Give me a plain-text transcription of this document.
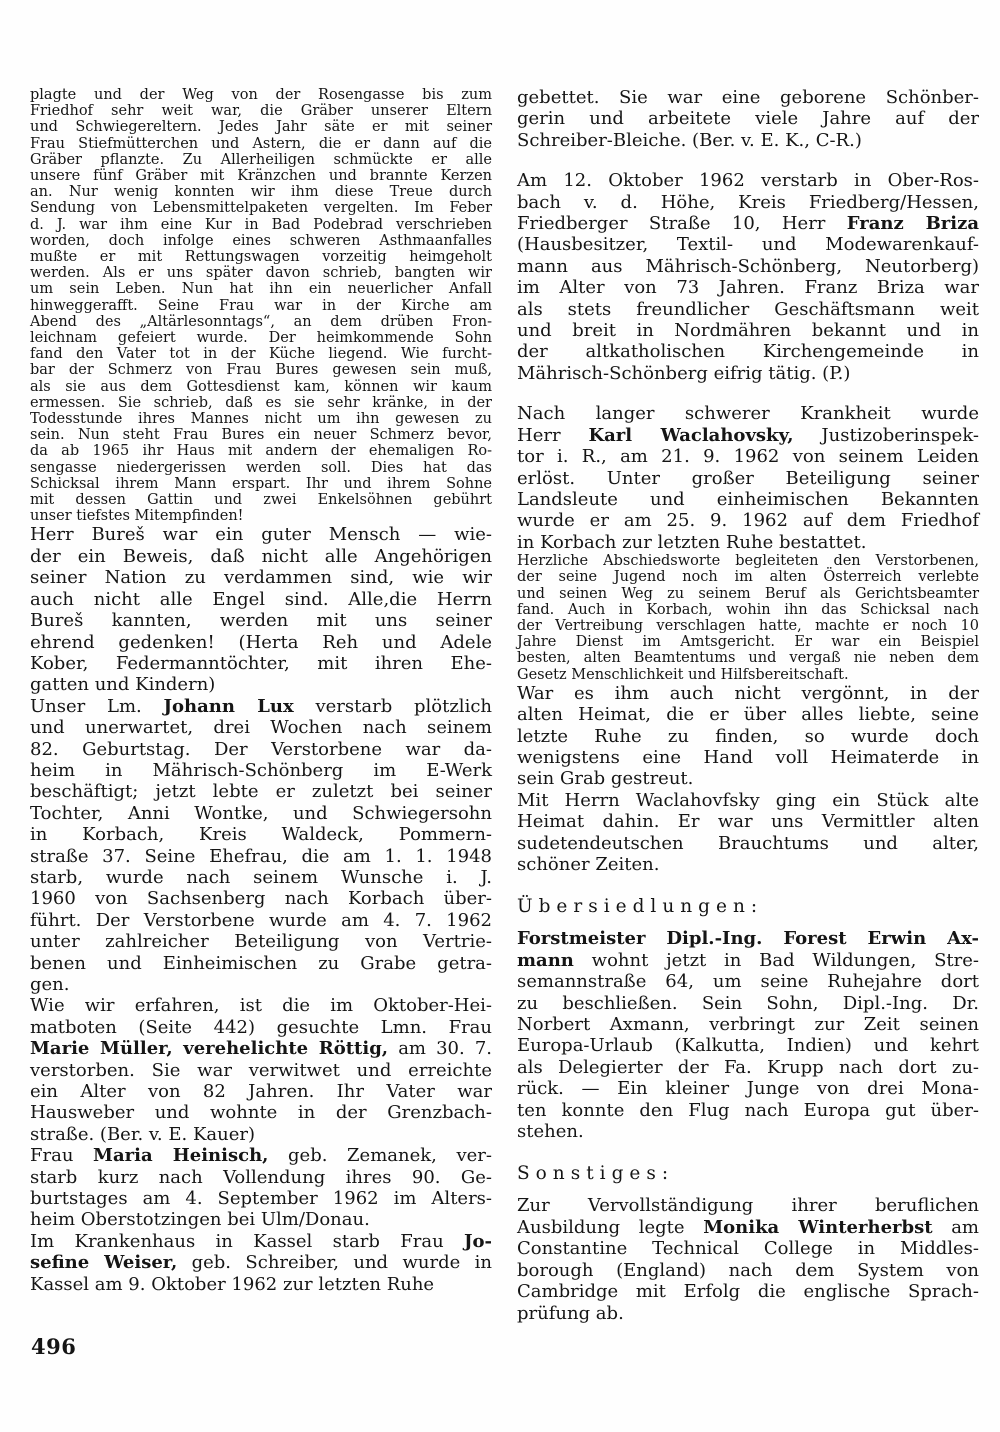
plagte und der Weg von der Rosengasse bis zum
Friedhof sehr weit war, die Gräber unserer Eltern
und Schwiegereltern. Jedes Jahr säte er mit seiner
Frau Stiefmütterchen und Astern, die er dann auf die
Gräber pflanzte. Zu Allerheiligen schmückte er alle
unsere fünf Gräber mit Kränzchen und brannte Kerzen
an. Nur wenig konnten wir ihm diese Treue durch
Sendung von Lebensmittelpaketen vergelten. Im Feber
d. J. war ihm eine Kur in Bad Podebrad verschrieben
worden, doch infolge eines schweren Asthmaanfalles
mußte er mit Rettungswagen vorzeitig heimgeholt
werden. Als er uns später davon schrieb, bangten wir
um sein Leben. Nun hat ihn ein neuerlicher Anfall
hinweggerafft. Seine Frau war in der Kirche am
Abend des „Altärlesonntags“, an dem drüben Fron-
leichnam gefeiert wurde. Der heimkommende Sohn
fand den Vater tot in der Küche liegend. Wie furcht-
bar der Schmerz von Frau Bures gewesen sein muß,
als sie aus dem Gottesdienst kam, können wir kaum
ermessen. Sie schrieb, daß es sie sehr kränke, in der
Todesstunde ihres Mannes nicht um ihn gewesen zu
sein. Nun steht Frau Bures ein neuer Schmerz bevor,
da ab 1965 ihr Haus mit andern der ehemaligen Ro-
sengasse niedergerissen werden soll. Dies hat das
Schicksal ihrem Mann erspart. Ihr und ihrem Sohne
mit dessen Gattin und zwei Enkelsöhnen gebührt
unser tiefstes Mitempfinden!
Herr Bureš war ein guter Mensch — wie-
der ein Beweis, daß nicht alle Angehörigen
seiner Nation zu verdammen sind, wie wir
auch nicht alle Engel sind. Alle,die Herrn
Bureš kannten, werden mit uns seiner
ehrend gedenken! (Herta Reh und Adele
Kober, Federmanntöchter, mit ihren Ehe-
gatten und Kindern)
Unser Lm. Johann Lux verstarb plötzlich
und unerwartet, drei Wochen nach seinem
82. Geburtstag. Der Verstorbene war da-
heim in Mährisch-Schönberg im E-Werk
beschäftigt; jetzt lebte er zuletzt bei seiner
Tochter, Anni Wontke, und Schwiegersohn
in Korbach, Kreis Waldeck, Pommern-
straße 37. Seine Ehefrau, die am 1. 1. 1948
starb, wurde nach seinem Wunsche i. J.
1960 von Sachsenberg nach Korbach über-
führt. Der Verstorbene wurde am 4. 7. 1962
unter zahlreicher Beteiligung von Vertrie-
benen und Einheimischen zu Grabe getra-
gen.
Wie wir erfahren, ist die im Oktober-Hei-
matboten (Seite 442) gesuchte Lmn. Frau
Marie Müller, verehelichte Röttig, am 30. 7.
verstorben. Sie war verwitwet und erreichte
ein Alter von 82 Jahren. Ihr Vater war
Hausweber und wohnte in der Grenzbach-
straße. (Ber. v. E. Kauer)
Frau Maria Heinisch, geb. Zemanek, ver-
starb kurz nach Vollendung ihres 90. Ge-
burtstages am 4. September 1962 im Alters-
heim Oberstotzingen bei Ulm/Donau.
Im Krankenhaus in Kassel starb Frau Jo-
sefine Weiser, geb. Schreiber, und wurde in
Kassel am 9. Oktober 1962 zur letzten Ruhe
gebettet. Sie war eine geborene Schönber-
gerin und arbeitete viele Jahre auf der
Schreiber-Bleiche. (Ber. v. E. K., C-R.)
Am 12. Oktober 1962 verstarb in Ober-Ros-
bach v. d. Höhe, Kreis Friedberg/Hessen,
Friedberger Straße 10, Herr Franz Briza
(Hausbesitzer, Textil- und Modewarenkauf-
mann aus Mährisch-Schönberg, Neutorberg)
im Alter von 73 Jahren. Franz Briza war
als stets freundlicher Geschäftsmann weit
und breit in Nordmähren bekannt und in
der altkatholischen Kirchengemeinde in
Mährisch-Schönberg eifrig tätig. (P.)
Nach langer schwerer Krankheit wurde
Herr Karl Waclahovsky, Justizoberinspek-
tor i. R., am 21. 9. 1962 von seinem Leiden
erlöst. Unter großer Beteiligung seiner
Landsleute und einheimischen Bekannten
wurde er am 25. 9. 1962 auf dem Friedhof
in Korbach zur letzten Ruhe bestattet.
Herzliche Abschiedsworte begleiteten den Verstorbenen,
der seine Jugend noch im alten Österreich verlebte
und seinen Weg zu seinem Beruf als Gerichtsbeamter
fand. Auch in Korbach, wohin ihn das Schicksal nach
der Vertreibung verschlagen hatte, machte er noch 10
Jahre Dienst im Amtsgericht. Er war ein Beispiel
besten, alten Beamtentums und vergaß nie neben dem
Gesetz Menschlichkeit und Hilfsbereitschaft.
War es ihm auch nicht vergönnt, in der
alten Heimat, die er über alles liebte, seine
letzte Ruhe zu finden, so wurde doch
wenigstens eine Hand voll Heimaterde in
sein Grab gestreut.
Mit Herrn Waclahovfsky ging ein Stück alte
Heimat dahin. Er war uns Vermittler alten
sudetendeutschen Brauchtums und alter,
schöner Zeiten.
Übersiedlungen:
Forstmeister Dipl.-Ing. Forest Erwin Ax-
mann wohnt jetzt in Bad Wildungen, Stre-
semannstraße 64, um seine Ruhejahre dort
zu beschließen. Sein Sohn, Dipl.-Ing. Dr.
Norbert Axmann, verbringt zur Zeit seinen
Europa-Urlaub (Kalkutta, Indien) und kehrt
als Delegierter der Fa. Krupp nach dort zu-
rück. — Ein kleiner Junge von drei Mona-
ten konnte den Flug nach Europa gut über-
stehen.
Sonstiges:
Zur Vervollständigung ihrer beruflichen
Ausbildung legte Monika Winterherbst am
Constantine Technical College in Middles-
borough (England) nach dem System von
Cambridge mit Erfolg die englische Sprach-
prüfung ab.
496
